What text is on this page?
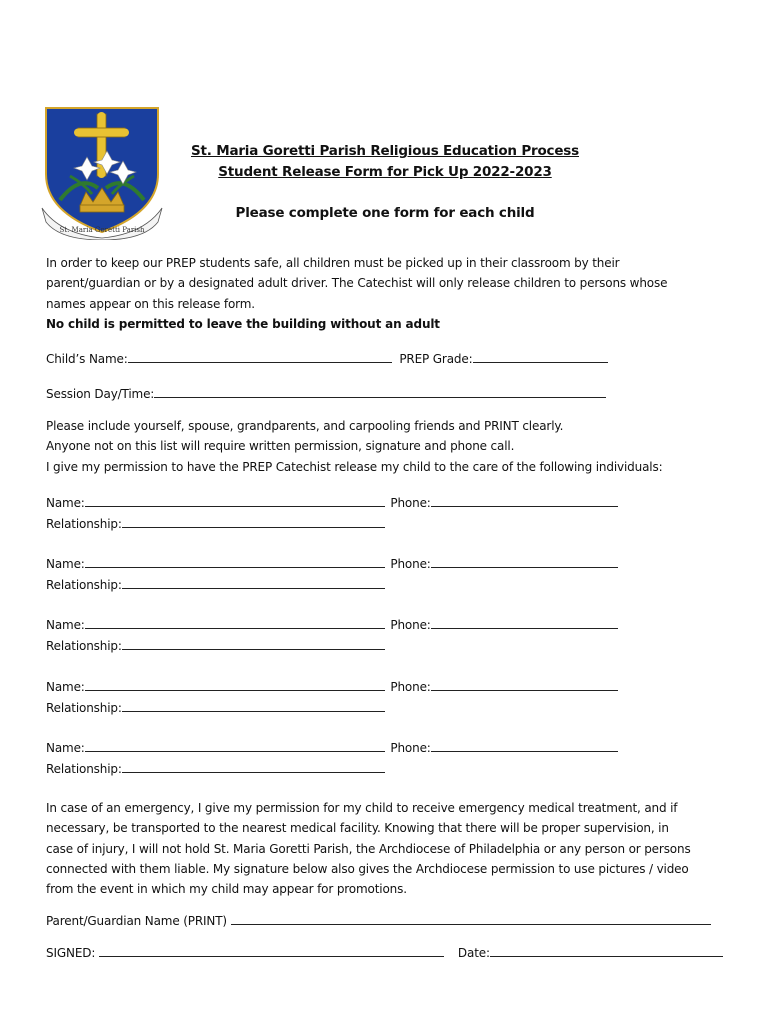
St. Maria Goretti Parish
St. Maria Goretti Parish Religious Education Process
Student Release Form for Pick Up 2022-2023
Please complete one form for each child
In order to keep our PREP students safe, all children must be picked up in their classroom by their
parent/guardian or by a designated adult driver. The Catechist will only release children to persons whose
names appear on this release form.
No child is permitted to leave the building without an adult
Child’s Name:	PREP Grade:
Session Day/Time:
Please include yourself, spouse, grandparents, and carpooling friends and PRINT clearly.
Anyone not on this list will require written permission, signature and phone call.
I give my permission to have the PREP Catechist release my child to the care of the following individuals:
Name:	Phone:
Relationship:
Name:	Phone:
Relationship:
Name:	Phone:
Relationship:
Name:	Phone:
Relationship:
Name:	Phone:
Relationship:
In case of an emergency, I give my permission for my child to receive emergency medical treatment, and if
necessary, be transported to the nearest medical facility. Knowing that there will be proper supervision, in
case of injury, I will not hold St. Maria Goretti Parish, the Archdiocese of Philadelphia or any person or persons
connected with them liable. My signature below also gives the Archdiocese permission to use pictures / video
from the event in which my child may appear for promotions.
Parent/Guardian Name (PRINT)
SIGNED:	Date:
